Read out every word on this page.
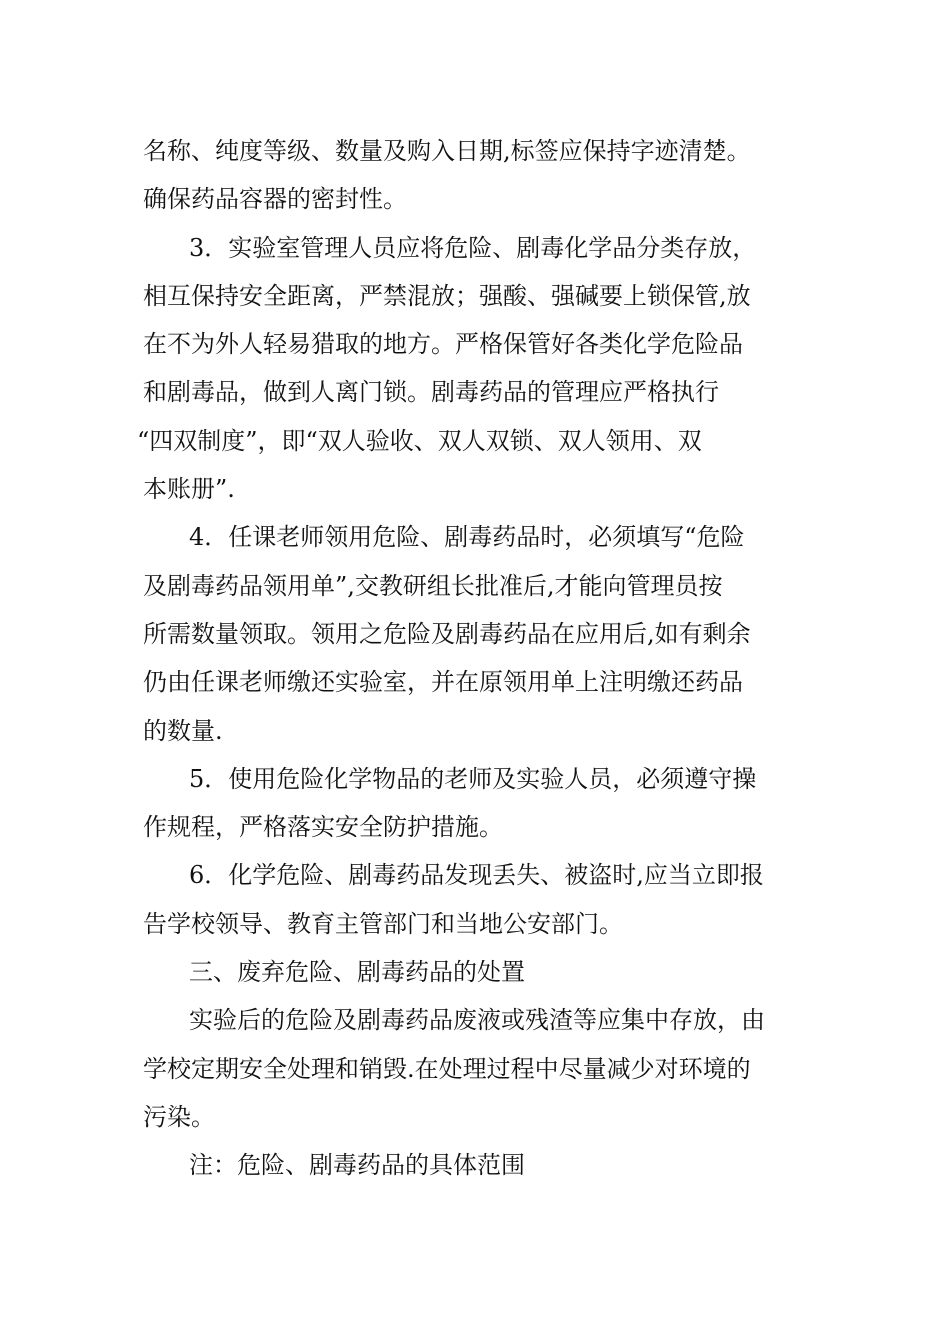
名称、纯度等级、数量及购入日期,标签应保持字迹清楚。
确保药品容器的密封性。
3．实验室管理人员应将危险、剧毒化学品分类存放，
相互保持安全距离，严禁混放；强酸、强碱要上锁保管,放
在不为外人轻易猎取的地方。严格保管好各类化学危险品
和剧毒品，做到人离门锁。剧毒药品的管理应严格执行
“四双制度”，即“双人验收、双人双锁、双人领用、双
本账册”.
4．任课老师领用危险、剧毒药品时，必须填写“危险
及剧毒药品领用单”,交教研组长批准后,才能向管理员按
所需数量领取。领用之危险及剧毒药品在应用后,如有剩余
仍由任课老师缴还实验室，并在原领用单上注明缴还药品
的数量.
5．使用危险化学物品的老师及实验人员，必须遵守操
作规程，严格落实安全防护措施。
6．化学危险、剧毒药品发现丢失、被盗时,应当立即报
告学校领导、教育主管部门和当地公安部门。
三、废弃危险、剧毒药品的处置
实验后的危险及剧毒药品废液或残渣等应集中存放，由
学校定期安全处理和销毁.在处理过程中尽量减少对环境的
污染。
注：危险、剧毒药品的具体范围
